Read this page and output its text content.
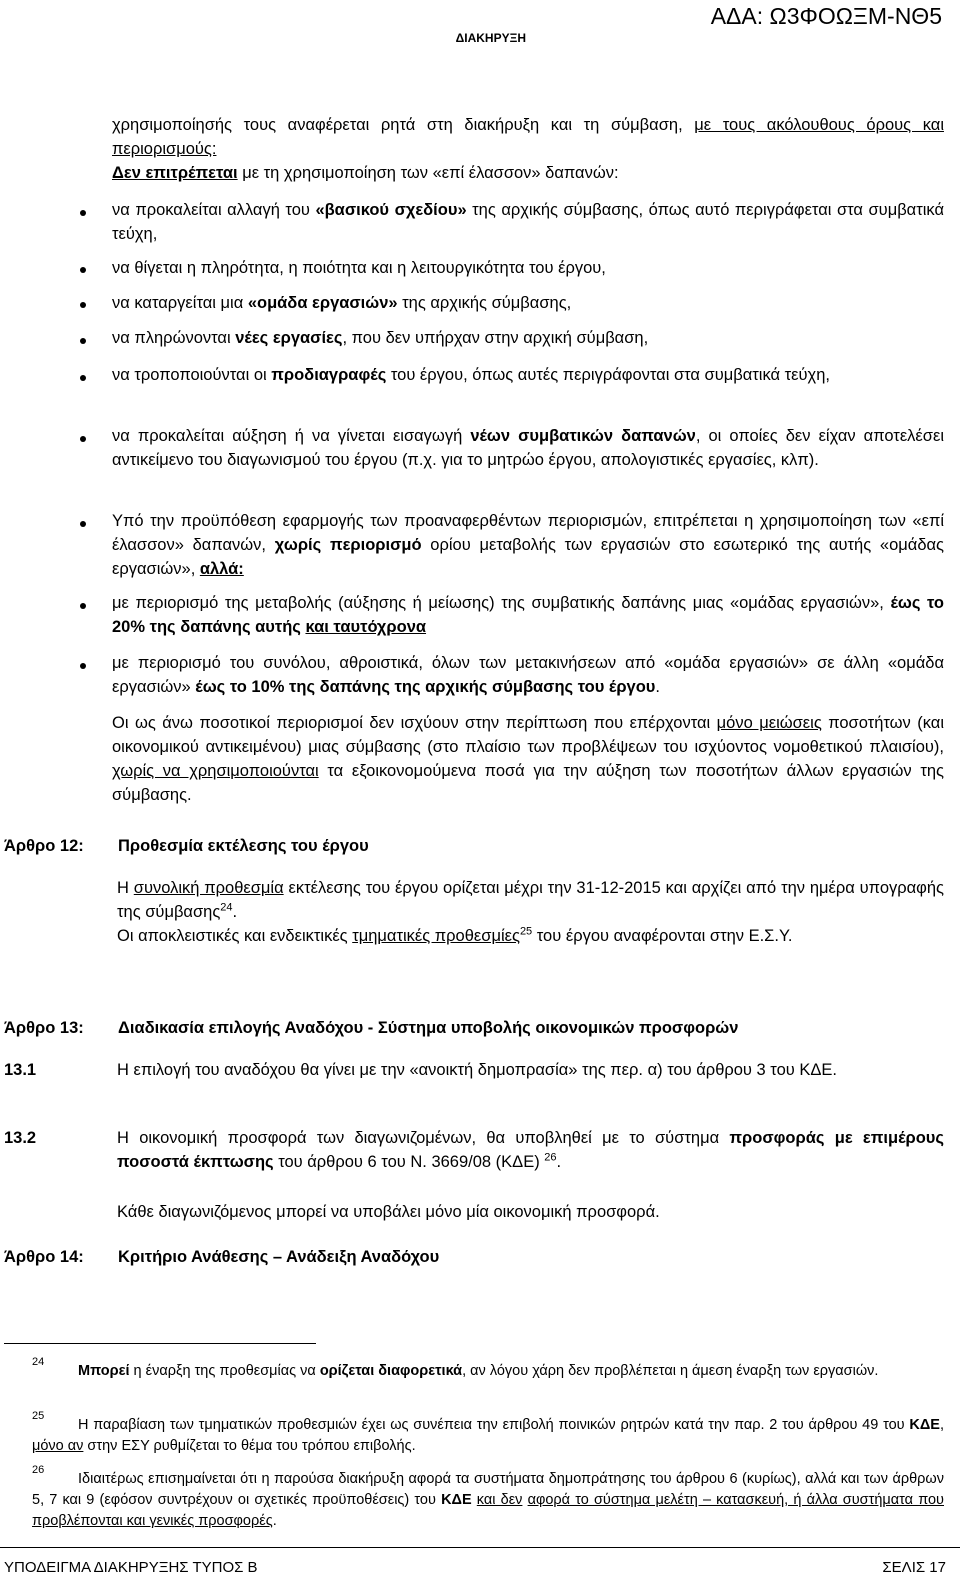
ΑΔΑ: Ω3ΦΟΩΞΜ-ΝΘ5
ΔΙΑΚΗΡΥΞΗ
χρησιμοποίησής τους αναφέρεται ρητά στη διακήρυξη και τη σύμβαση, με τους ακόλουθους όρους και περιορισμούς:
Δεν επιτρέπεται με τη χρησιμοποίηση των «επί έλασσον» δαπανών:
να προκαλείται αλλαγή του «βασικού σχεδίου» της αρχικής σύμβασης, όπως αυτό περιγράφεται στα συμβατικά τεύχη,
να θίγεται η πληρότητα, η ποιότητα και η λειτουργικότητα του έργου,
να καταργείται μια «ομάδα εργασιών» της αρχικής σύμβασης,
να πληρώνονται νέες εργασίες, που δεν υπήρχαν στην αρχική σύμβαση,
να τροποποιούνται οι προδιαγραφές του έργου, όπως αυτές περιγράφονται στα συμβατικά τεύχη,
να προκαλείται αύξηση ή να γίνεται εισαγωγή νέων συμβατικών δαπανών, οι οποίες δεν είχαν αποτελέσει αντικείμενο του διαγωνισμού του έργου (π.χ. για το μητρώο έργου, απολογιστικές εργασίες, κλπ).
Υπό την προϋπόθεση εφαρμογής των προαναφερθέντων περιορισμών, επιτρέπεται η χρησιμοποίηση των «επί έλασσον» δαπανών, χωρίς περιορισμό ορίου μεταβολής των εργασιών στο εσωτερικό της αυτής «ομάδας εργασιών», αλλά:
με περιορισμό της μεταβολής (αύξησης ή μείωσης) της συμβατικής δαπάνης μιας «ομάδας εργασιών», έως το 20% της δαπάνης αυτής και ταυτόχρονα
με περιορισμό του συνόλου, αθροιστικά, όλων των μετακινήσεων από «ομάδα εργασιών» σε άλλη «ομάδα εργασιών» έως το 10% της δαπάνης της αρχικής σύμβασης του έργου.
Οι ως άνω ποσοτικοί περιορισμοί δεν ισχύουν στην περίπτωση που επέρχονται μόνο μειώσεις ποσοτήτων (και οικονομικού αντικειμένου) μιας σύμβασης (στο πλαίσιο των προβλέψεων του ισχύοντος νομοθετικού πλαισίου), χωρίς να χρησιμοποιούνται τα εξοικονομούμενα ποσά για την αύξηση των ποσοτήτων άλλων εργασιών της σύμβασης.
Άρθρο 12: Προθεσμία εκτέλεσης του έργου
Η συνολική προθεσμία εκτέλεσης του έργου ορίζεται μέχρι την 31-12-2015 και αρχίζει από την ημέρα υπογραφής της σύμβασης$^{24}$.
Οι αποκλειστικές και ενδεικτικές τμηματικές προθεσμίες$^{25}$ του έργου αναφέρονται στην Ε.Σ.Υ.
Άρθρο 13: Διαδικασία επιλογής Αναδόχου - Σύστημα υποβολής οικονομικών προσφορών
13.1	Η επιλογή του αναδόχου θα γίνει με την «ανοικτή δημοπρασία» της περ. α) του άρθρου 3 του ΚΔΕ.
13.2	Η οικονομική προσφορά των διαγωνιζομένων, θα υποβληθεί με το σύστημα προσφοράς με επιμέρους ποσοστά έκπτωσης του άρθρου 6 του Ν. 3669/08 (ΚΔΕ) $^{26}$.
Κάθε διαγωνιζόμενος μπορεί να υποβάλει μόνο μία οικονομική προσφορά.
Άρθρο 14: Κριτήριο Ανάθεσης – Ανάδειξη Αναδόχου
24
Μπορεί η έναρξη της προθεσμίας να ορίζεται διαφορετικά, αν λόγου χάρη δεν προβλέπεται η άμεση έναρξη των εργασιών.
25
Η παραβίαση των τμηματικών προθεσμιών έχει ως συνέπεια την επιβολή ποινικών ρητρών κατά την παρ. 2 του άρθρου 49 του ΚΔΕ, μόνο αν στην ΕΣΥ ρυθμίζεται το θέμα του τρόπου επιβολής.
26
Ιδιαιτέρως επισημαίνεται ότι η παρούσα διακήρυξη αφορά τα συστήματα δημοπράτησης του άρθρου 6 (κυρίως), αλλά και των άρθρων 5, 7 και 9 (εφόσον συντρέχουν οι σχετικές προϋποθέσεις) του ΚΔΕ και δεν αφορά το σύστημα μελέτη – κατασκευή, ή άλλα συστήματα που προβλέπονται και γενικές προσφορές.
ΥΠΟΔΕΙΓΜΑ ΔΙΑΚΗΡΥΞΗΣ ΤΥΠΟΣ Β	ΣΕΛΙΣ 17
